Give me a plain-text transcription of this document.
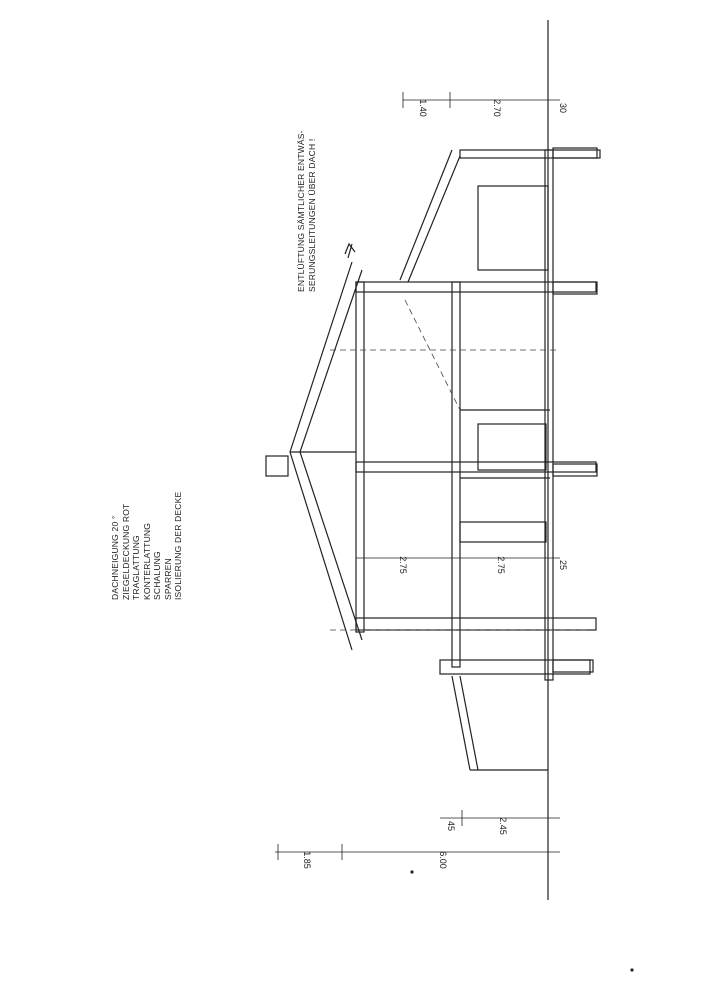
DACHNEIGUNG 20 ° ZIEGELDECKUNG ROT TRAGLATTUNG KONTERLATTUNG SCHALUNG SPARREN ISOLIERUNG DER DECKE
ENTLÜFTUNG SÄMTLICHER ENTWÄS- SERUNGSLEITUNGEN ÜBER DACH !
1.40	2.70	30
2.75	2.75	25
1.85	6.00
45	2.45
